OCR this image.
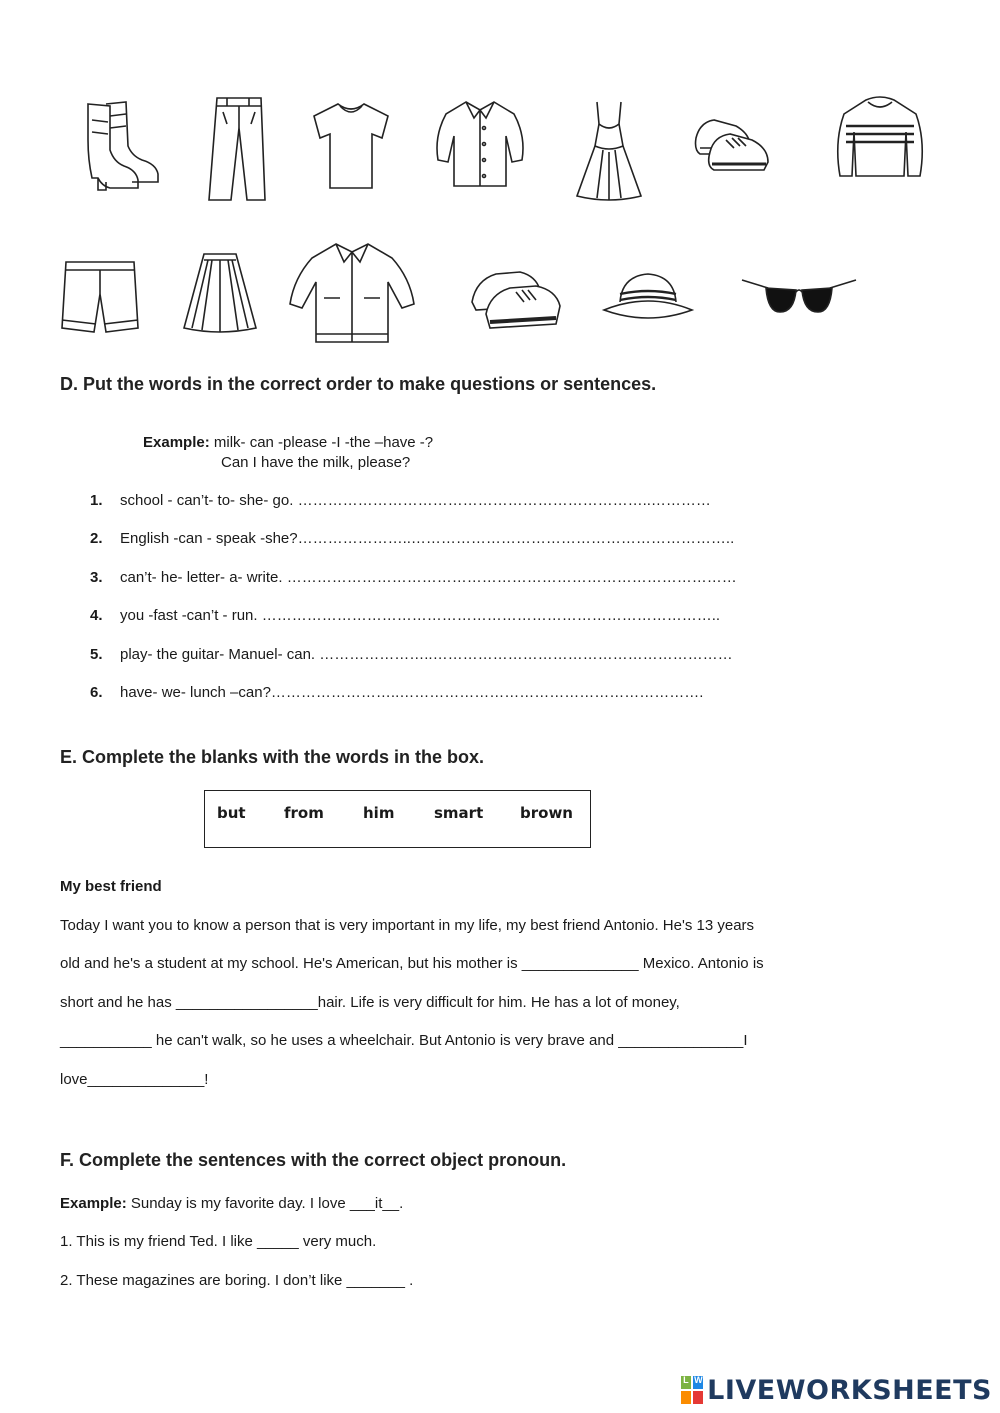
D. Put the words in the correct order to make questions or sentences.
Example: milk- can -please -I -the –have -?
Can I have the milk, please?
1. school - can’t- to- she- go. ……………………………………………………………..…………
2. English -can - speak -she?…………………..………………………………………………………..
3. can’t- he- letter- a- write. ………………………………………………………………………………
4. you -fast -can’t - run. ………………………………………………………………………………..
5. play- the guitar- Manuel- can. …………………..……………………………………………………
6. have- we- lunch –can?……………………..…………………………………………………….
E. Complete the blanks with the words in the box.
but	from	him	smart brown
My best friend
Today I want you to know a person that is very important in my life, my best friend Antonio. He's 13 years
old and he's a student at my school. He's American, but his mother is ______________ Mexico. Antonio is
short and he has _________________hair. Life is very difficult for him. He has a lot of money,
___________ he can't walk, so he uses a wheelchair. But Antonio is very brave and _______________I
love______________!
F. Complete the sentences with the correct object pronoun.
Example: Sunday is my favorite day. I love ___it__.
1. This is my friend Ted. I like _____ very much.
2. These magazines are boring. I don’t like _______ .
L W LIVEWORKSHEETS
